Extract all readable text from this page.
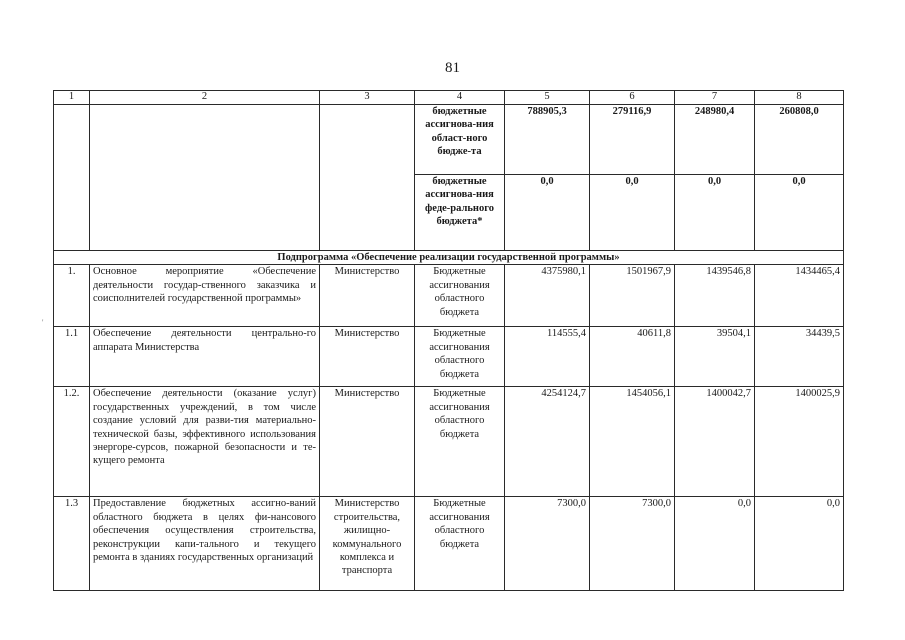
81
'
1	2	3	4	5	6	7	8
			бюджетные ассигнова-ния област-ного бюдже-та	788905,3	279116,9	248980,4	260808,0
			бюджетные ассигнова-ния феде-рального бюджета*	0,0	0,0	0,0	0,0
Подпрограмма «Обеспечение реализации государственной программы»							
1.	Основное мероприятие «Обеспечение деятельности государ-ственного заказчика и соисполнителей государственной программы»	Министерство	Бюджетные ассигнования областного бюджета	4375980,1	1501967,9	1439546,8	1434465,4
1.1	Обеспечение деятельности центрально-го аппарата Министерства	Министерство	Бюджетные ассигнования областного бюджета	114555,4	40611,8	39504,1	34439,5
1.2.	Обеспечение деятельности (оказание услуг) государственных учреждений, в том числе создание условий для разви-тия материально-технической базы, эффективного использования энергоре-сурсов, пожарной безопасности и те-кущего ремонта	Министерство	Бюджетные ассигнования областного бюджета	4254124,7	1454056,1	1400042,7	1400025,9
1.3	Предоставление бюджетных ассигно-ваний областного бюджета в целях фи-нансового обеспечения осуществления строительства, реконструкции капи-тального и текущего ремонта в зданиях государственных организаций	Министерство строительства, жилищно-коммунального комплекса и транспорта	Бюджетные ассигнования областного бюджета	7300,0	7300,0	0,0	0,0
